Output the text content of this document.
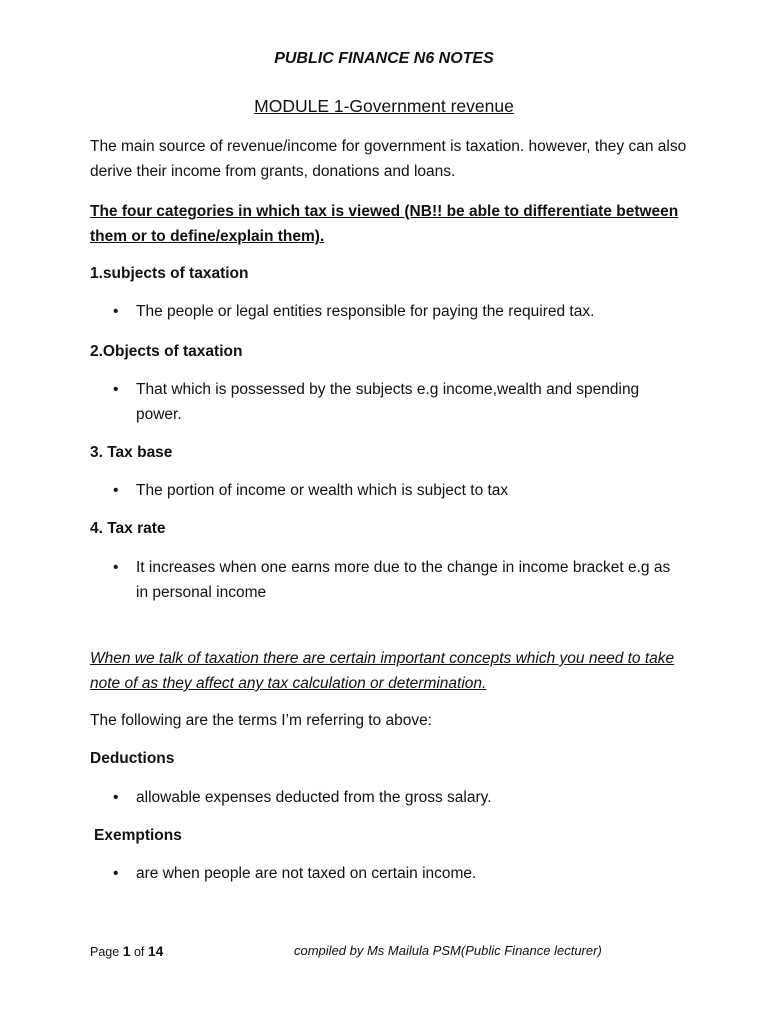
PUBLIC FINANCE N6 NOTES
MODULE 1-Government revenue
The main source of revenue/income for government is taxation. however, they can also derive their income from grants, donations and loans.
The four categories in which tax is viewed (NB!! be able to differentiate between them or to define/explain them).
1.subjects of taxation
•	The people or legal entities responsible for paying the required tax.
2.Objects of taxation
•	That which is possessed by the subjects e.g income,wealth and spending power.
3. Tax base
•	The portion of income or wealth which is subject to tax
4. Tax rate
•	It increases when one earns more due to the change in income bracket e.g as in personal income
When we talk of taxation there are certain important concepts which you need to take note of as they affect any tax calculation or determination.
The following are the terms I’m referring to above:
Deductions
•	allowable expenses deducted from the gross salary.
Exemptions
•	are when people are not taxed on certain income.
Page 1 of 14	compiled by Ms Mailula PSM(Public Finance lecturer)
